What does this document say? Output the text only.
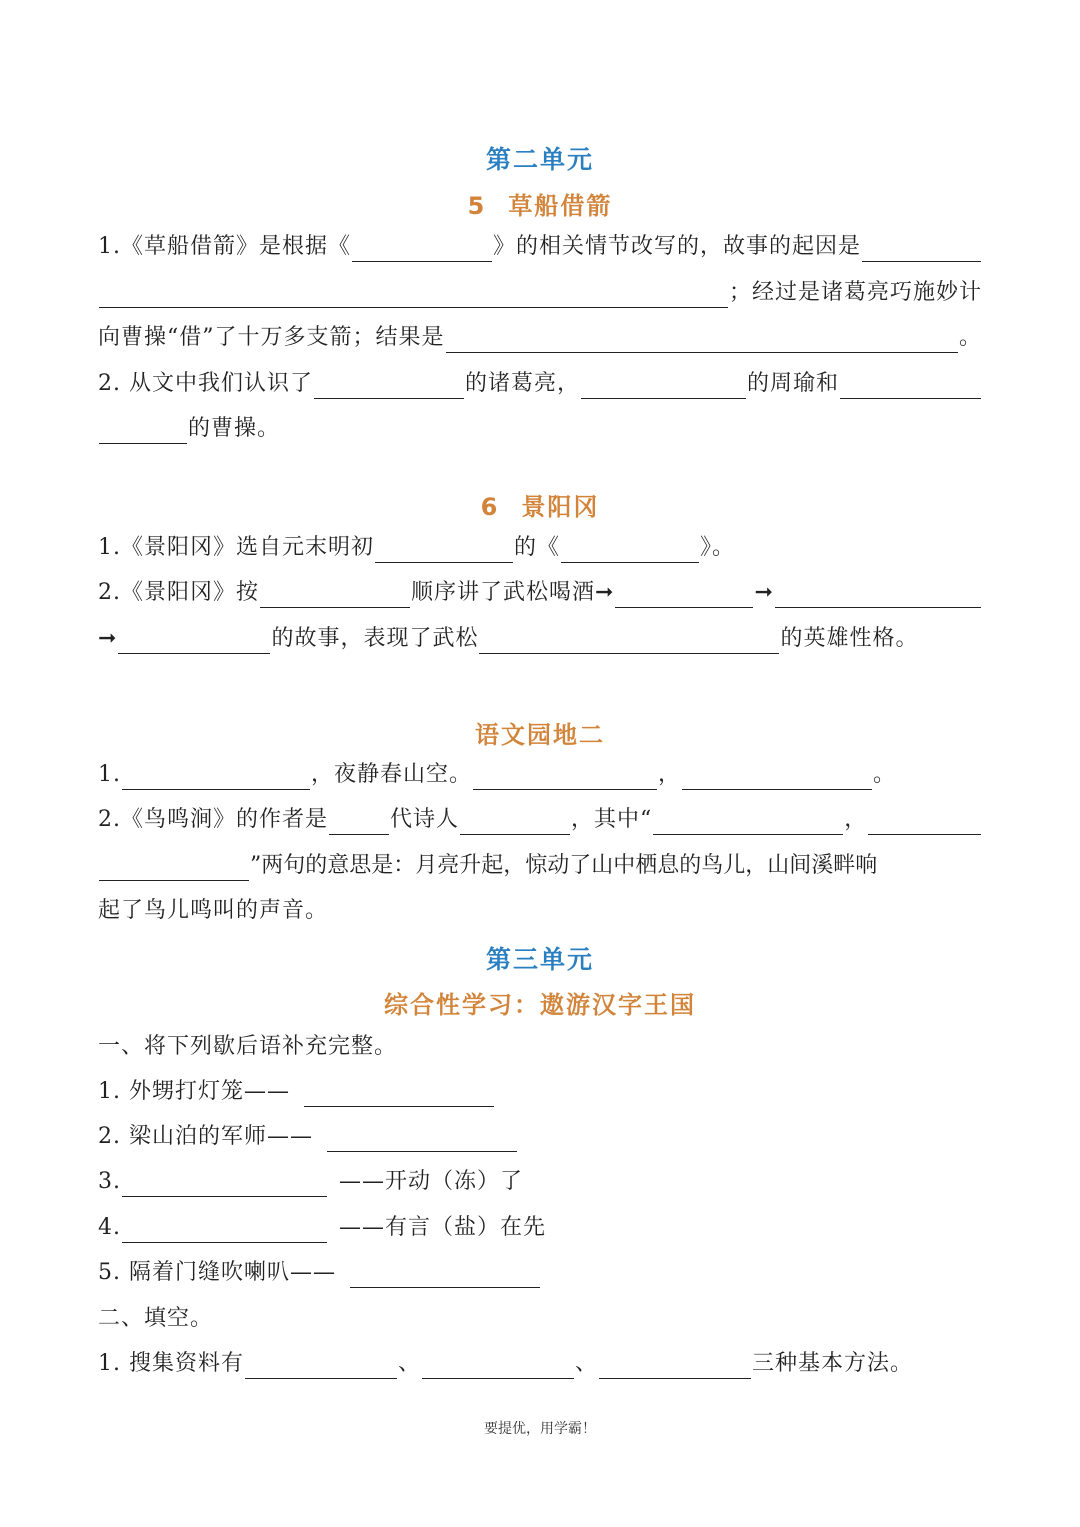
第二单元
5 草船借箭
1.《草船借箭》是根据《	》的相关情节改写的，故事的起因是
；经过是诸葛亮巧施妙计
向曹操“借”了十万多支箭；结果是	。
2. 从文中我们认识了	的诸葛亮，	的周瑜和
的曹操。
6 景阳冈
1.《景阳冈》选自元末明初	的《	》。
2.《景阳冈》按	顺序讲了武松喝酒➞	➞
➞	的故事，表现了武松	的英雄性格。
语文园地二
1.	，夜静春山空。	，	。
2.《鸟鸣涧》的作者是	代诗人	，其中“	，
”两句的意思是：月亮升起，惊动了山中栖息的鸟儿，山间溪畔响
起了鸟儿鸣叫的声音。
第三单元
综合性学习：遨游汉字王国
一、将下列歇后语补充完整。
1. 外甥打灯笼——
2. 梁山泊的军师——
3.	——开动（冻）了
4.	——有言（盐）在先
5. 隔着门缝吹喇叭——
二、填空。
1. 搜集资料有	、	、	三种基本方法。
要提优，用学霸！
